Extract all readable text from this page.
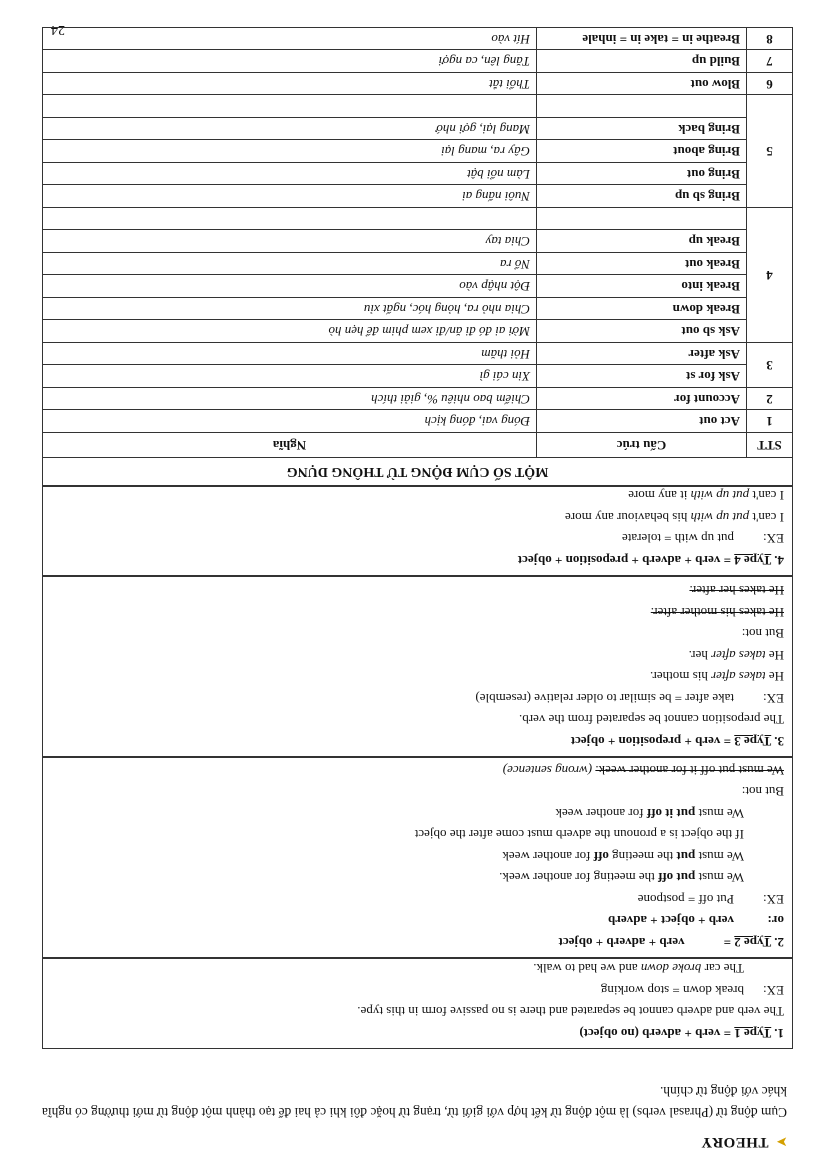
24
➤THEORY
Cụm động từ (Phrasal verbs) là một động từ kết hợp với giới từ, trạng từ hoặc đôi khi cả hai để tạo thành một động từ mới thường có nghĩa khác với động từ chính.
1. Type 1 = verb + adverb (no object)
The verb and adverb cannot be separated and there is no passive form in this type.
EX:break down = stop working
The car broke down and we had to walk.
2. Type 2 =            verb + adverb + object
or:verb + object + adverb
EX:Put off = postpone
We must put off the meeting for another week.
We must put the meeting off for another week
If the object is a pronoun the adverb must come after the object
We must put it off for another week
But not:
We must put off it for another week. (wrong sentence)
3. Type 3 = verb + preposition + object
The preposition cannot be separated from the verb.
EX:take after = be similar to older relative (resemble)
He takes after his mother.
He takes after her.
But not:
He takes his mother after.
He takes her after.
4. Type 4 = verb + adverb + preposition + object
EX:put up with = tolerate
I can't put up with his behaviour any more
I can't put up with it any more
MỘT SỐ CỤM ĐỘNG TỪ THÔNG DỤNG		
STT	Cấu trúc	Nghĩa
1	Act out	Đóng vai, đóng kịch
2	Account for	Chiếm bao nhiêu %, giải thích
3	Ask for st	Xin cái gì
	Ask after	Hỏi thăm
4	Ask sb out	Mời ai đó đi ăn/đi xem phim để hẹn hò
	Break down	Chia nhỏ ra, hỏng hóc, ngất xỉu
	Break into	Đột nhập vào
	Break out	Nổ ra
	Break up	Chia tay

5	Bring sb up	Nuôi nấng ai
	Bring out	Làm nổi bật
	Bring about	Gây ra, mang lại
	Bring back	Mang lại, gợi nhớ

6	Blow out	Thổi tắt
7	Build up	Tăng lên, ca ngợi
8	Breathe in = take in = inhale	Hít vào
